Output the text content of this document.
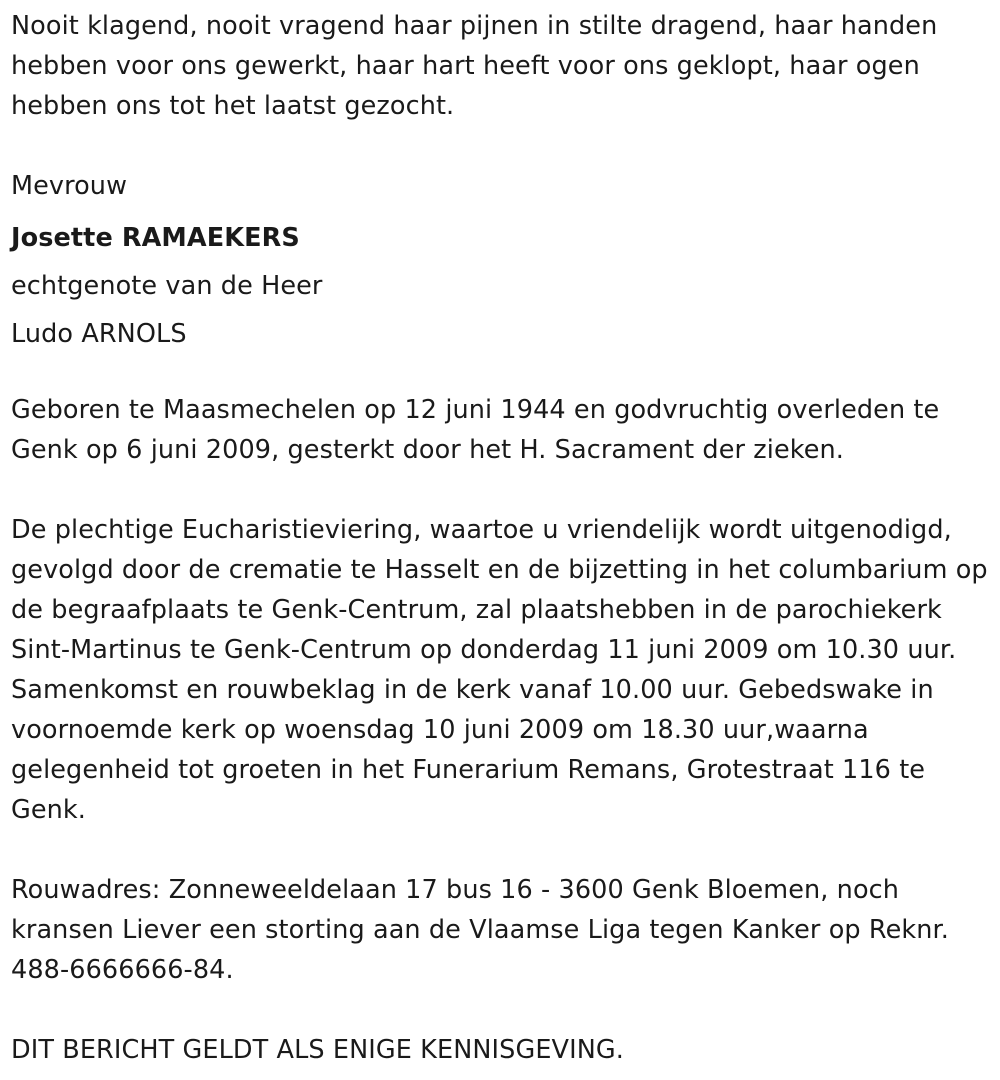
Nooit klagend, nooit vragend haar pijnen in stilte dragend, haar handen hebben voor ons gewerkt, haar hart heeft voor ons geklopt, haar ogen hebben ons tot het laatst gezocht.

Mevrouw
Josette RAMAEKERS
echtgenote van de Heer
Ludo ARNOLS

Geboren te Maasmechelen op 12 juni 1944 en godvruchtig overleden te Genk op 6 juni 2009, gesterkt door het H. Sacrament der zieken.

De plechtige Eucharistieviering, waartoe u vriendelijk wordt uitgenodigd, gevolgd door de crematie te Hasselt en de bijzetting in het columbarium op de begraafplaats te Genk-Centrum, zal plaatshebben in de parochiekerk Sint-Martinus te Genk-Centrum op donderdag 11 juni 2009 om 10.30 uur. Samenkomst en rouwbeklag in de kerk vanaf 10.00 uur. Gebedswake in voornoemde kerk op woensdag 10 juni 2009 om 18.30 uur,waarna gelegenheid tot groeten in het Funerarium Remans, Grotestraat 116 te Genk.

Rouwadres: Zonneweeldelaan 17 bus 16 - 3600 Genk Bloemen, noch kransen Liever een storting aan de Vlaamse Liga tegen Kanker op Reknr. 488-6666666-84.

DIT BERICHT GELDT ALS ENIGE KENNISGEVING.
